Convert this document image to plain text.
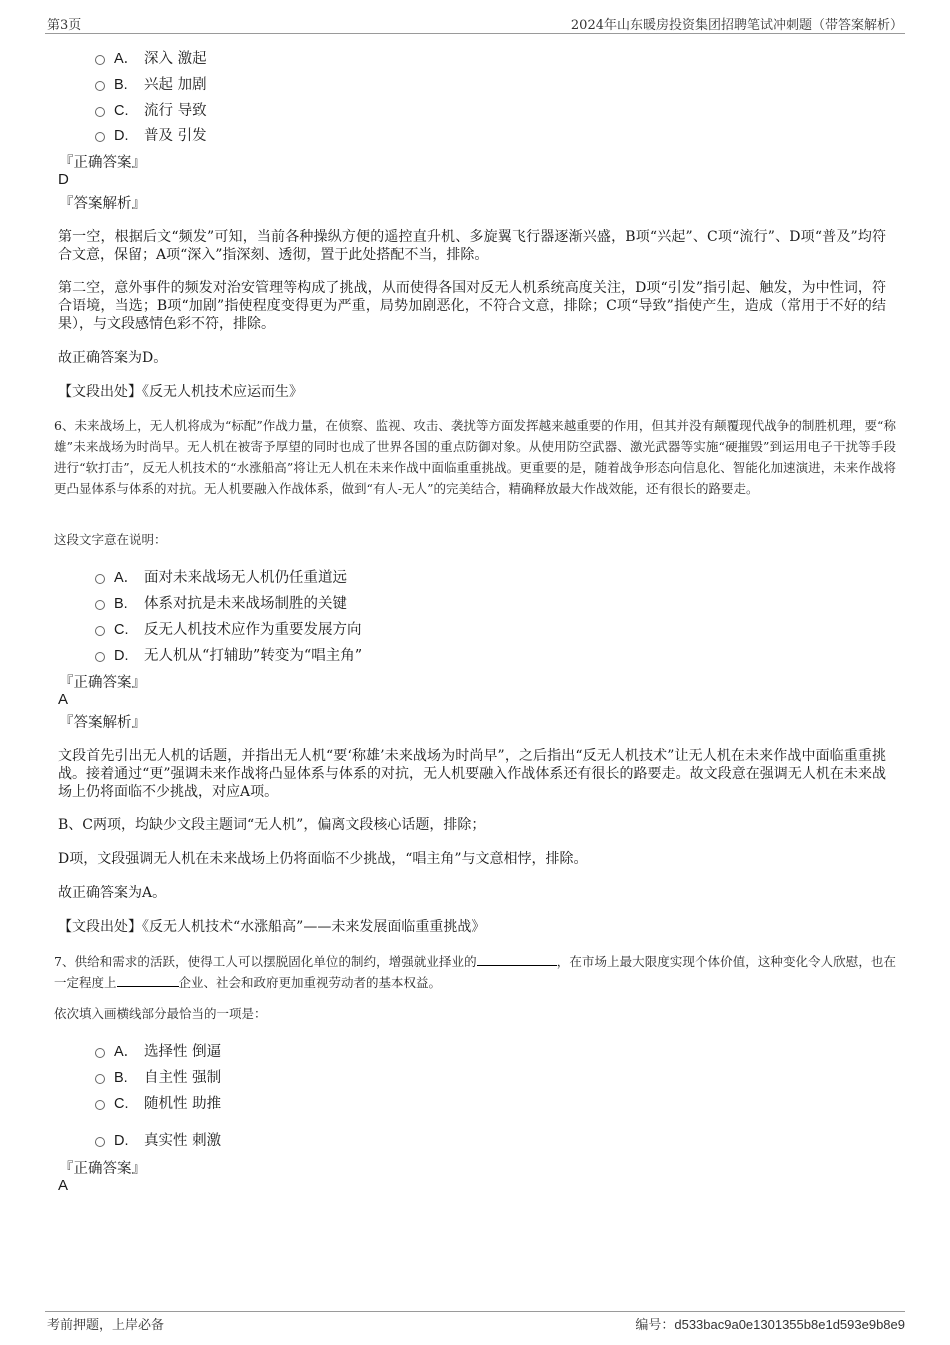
第3页	2024年山东暖房投资集团招聘笔试冲刺题（带答案解析）
A． 深入 激起
B. 兴起 加剧
C. 流行 导致
D. 普及 引发
『正确答案』
D
『答案解析』
第一空，根据后文“频发”可知，当前各种操纵方便的遥控直升机、多旋翼飞行器逐渐兴盛，B项“兴起”、C项“流行”、D项“普及”均符合文意，保留；A项“深入”指深刻、透彻，置于此处搭配不当，排除。
第二空，意外事件的频发对治安管理等构成了挑战，从而使得各国对反无人机系统高度关注，D项“引发”指引起、触发，为中性词，符合语境，当选；B项“加剧”指使程度变得更为严重，局势加剧恶化，不符合文意，排除；C项“导致”指使产生，造成（常用于不好的结果），与文段感情色彩不符，排除。
故正确答案为D。
【文段出处】《反无人机技术应运而生》
6、未来战场上，无人机将成为“标配”作战力量，在侦察、监视、攻击、袭扰等方面发挥越来越重要的作用，但其并没有颠覆现代战争的制胜机理，要“称雄”未来战场为时尚早。无人机在被寄予厚望的同时也成了世界各国的重点防御对象。从使用防空武器、激光武器等实施“硬摧毁”到运用电子干扰等手段进行“软打击”，反无人机技术的“水涨船高”将让无人机在未来作战中面临重重挑战。更重要的是，随着战争形态向信息化、智能化加速演进，未来作战将更凸显体系与体系的对抗。无人机要融入作战体系，做到“有人-无人”的完美结合，精确释放最大作战效能，还有很长的路要走。
这段文字意在说明：
A． 面对未来战场无人机仍任重道远
B. 体系对抗是未来战场制胜的关键
C. 反无人机技术应作为重要发展方向
D. 无人机从“打辅助”转变为“唱主角”
『正确答案』
A
『答案解析』
文段首先引出无人机的话题，并指出无人机“要‘称雄’未来战场为时尚早”，之后指出“反无人机技术”让无人机在未来作战中面临重重挑战。接着通过“更”强调未来作战将凸显体系与体系的对抗，无人机要融入作战体系还有很长的路要走。故文段意在强调无人机在未来战场上仍将面临不少挑战，对应A项。
B、C两项，均缺少文段主题词“无人机”，偏离文段核心话题，排除；
D项，文段强调无人机在未来战场上仍将面临不少挑战，“唱主角”与文意相悖，排除。
故正确答案为A。
【文段出处】《反无人机技术“水涨船高”——未来发展面临重重挑战》
7、供给和需求的活跃，使得工人可以摆脱固化单位的制约，增强就业择业的	，在市场上最大限度实现个体价值，这种变化令人欣慰，也在一定程度上	企业、社会和政府更加重视劳动者的基本权益。
依次填入画横线部分最恰当的一项是：
A． 选择性 倒逼
B. 自主性 强制
C. 随机性 助推
D. 真实性 刺激
『正确答案』
A
考前押题，上岸必备	编号：d533bac9a0e1301355b8e1d593e9b8e9
